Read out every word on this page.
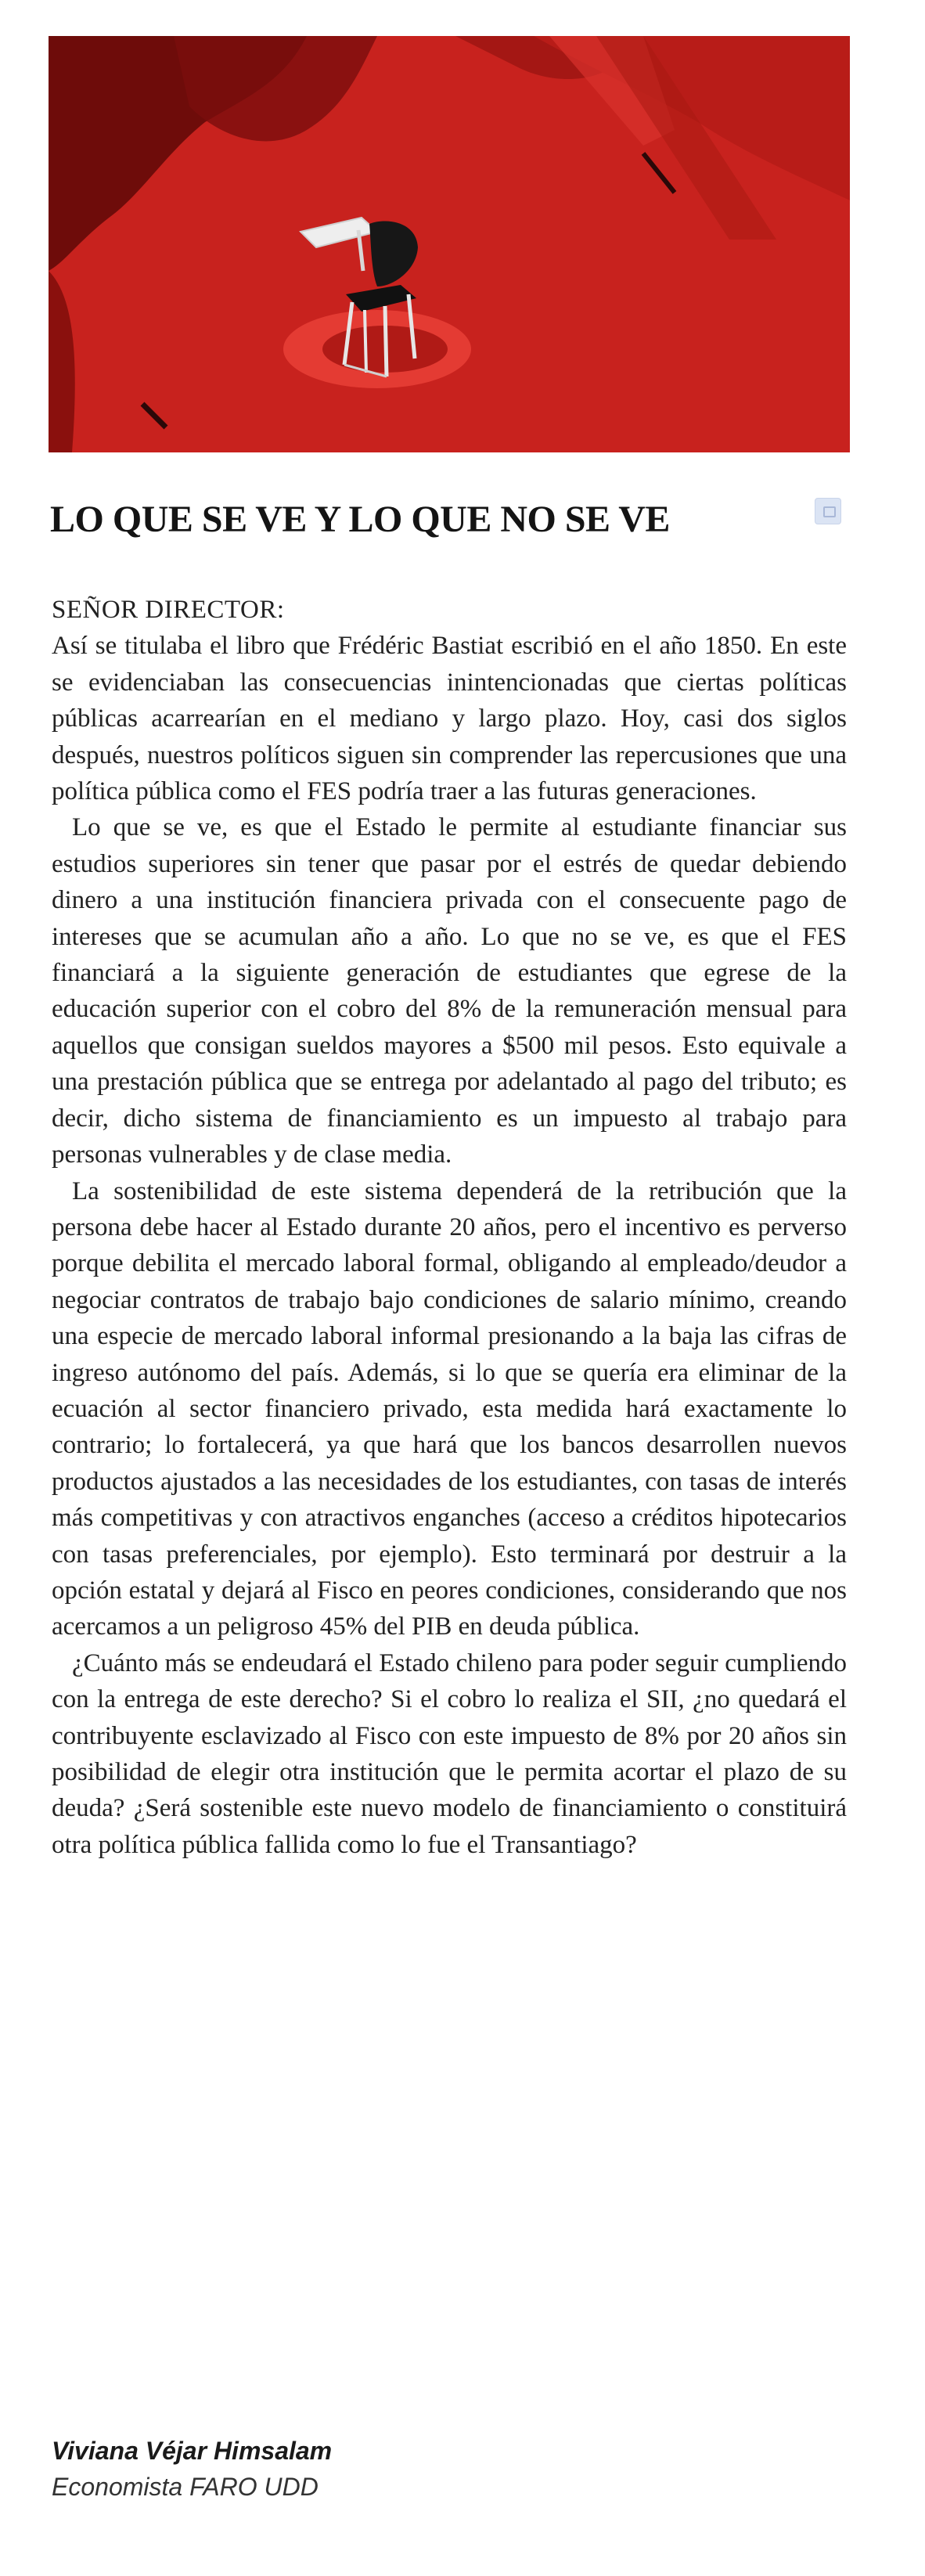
LO QUE SE VE Y LO QUE NO SE VE

SEÑOR DIRECTOR:

Así se titulaba el libro que Frédéric Bastiat escribió en el año 1850. En este se evidenciaban las consecuencias inintencionadas que ciertas políticas públicas acarrearían en el mediano y largo plazo. Hoy, casi dos siglos después, nuestros políticos siguen sin comprender las repercusiones que una política pública como el FES podría traer a las futuras generaciones.

Lo que se ve, es que el Estado le permite al estudiante financiar sus estudios superiores sin tener que pasar por el estrés de quedar debiendo dinero a una institución financiera privada con el consecuente pago de intereses que se acumulan año a año. Lo que no se ve, es que el FES financiará a la siguiente generación de estudiantes que egrese de la educación superior con el cobro del 8% de la remuneración mensual para aquellos que consigan sueldos mayores a $500 mil pesos. Esto equivale a una prestación pública que se entrega por adelantado al pago del tributo; es decir, dicho sistema de financiamiento es un impuesto al trabajo para personas vulnerables y de clase media.

La sostenibilidad de este sistema dependerá de la retribución que la persona debe hacer al Estado durante 20 años, pero el incentivo es perverso porque debilita el mercado laboral formal, obligando al empleado/deudor a negociar contratos de trabajo bajo condiciones de salario mínimo, creando una especie de mercado laboral informal presionando a la baja las cifras de ingreso autónomo del país. Además, si lo que se quería era eliminar de la ecuación al sector financiero privado, esta medida hará exactamente lo contrario; lo fortalecerá, ya que hará que los bancos desarrollen nuevos productos ajustados a las necesidades de los estudiantes, con tasas de interés más competitivas y con atractivos enganches (acceso a créditos hipotecarios con tasas preferenciales, por ejemplo). Esto terminará por destruir a la opción estatal y dejará al Fisco en peores condiciones, considerando que nos acercamos a un peligroso 45% del PIB en deuda pública.

¿Cuánto más se endeudará el Estado chileno para poder seguir cumpliendo con la entrega de este derecho? Si el cobro lo realiza el SII, ¿no quedará el contribuyente esclavizado al Fisco con este impuesto de 8% por 20 años sin posibilidad de elegir otra institución que le permita acortar el plazo de su deuda? ¿Será sostenible este nuevo modelo de financiamiento o constituirá otra política pública fallida como lo fue el Transantiago?

Viviana Véjar Himsalam
Economista FARO UDD
